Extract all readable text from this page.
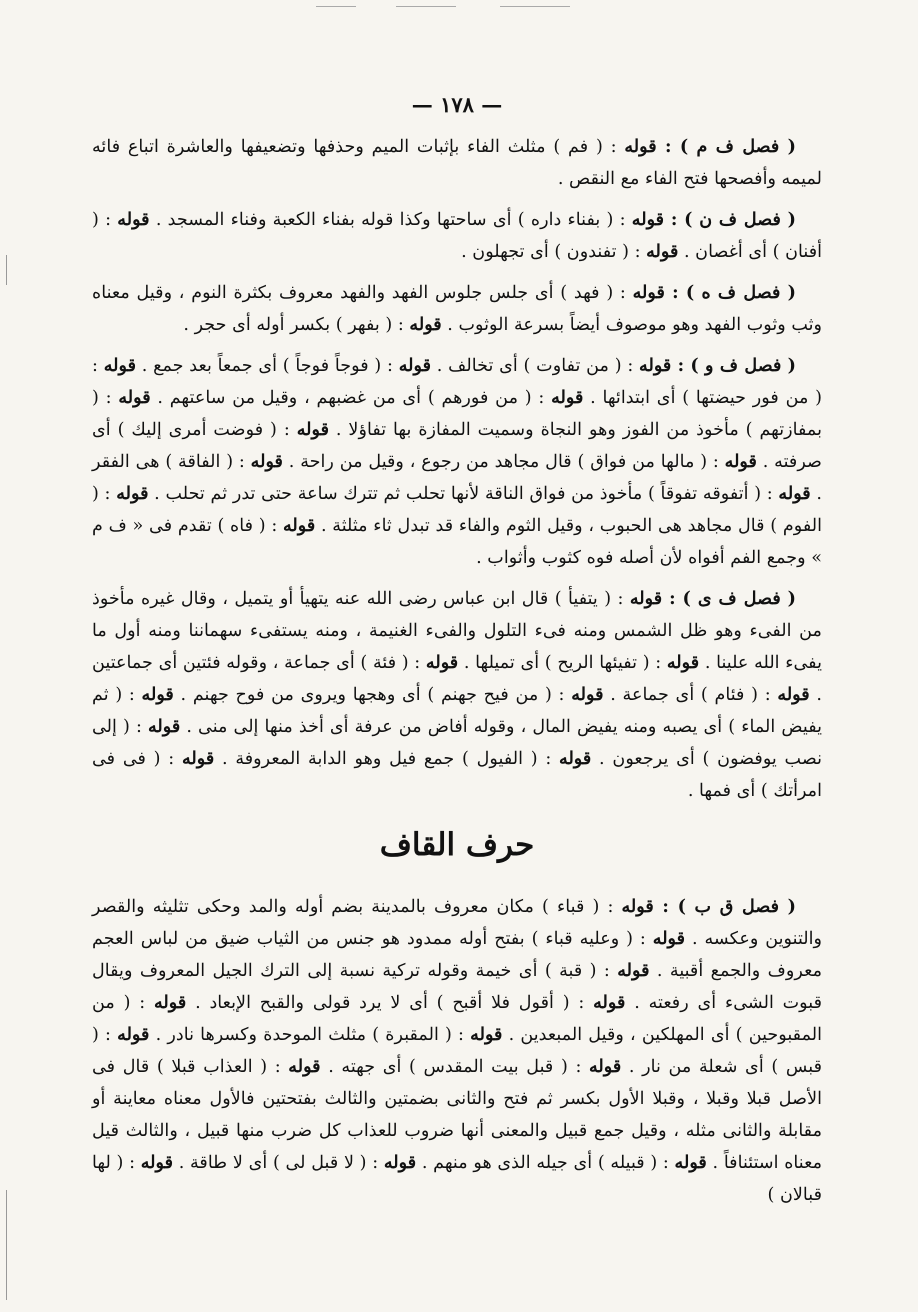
— ١٧٨ —

( فصل ف م ) : قوله : ( فم ) مثلث الفاء بإثبات الميم وحذفها وتضعيفها والعاشرة اتباع فائه لميمه وأفصحها فتح الفاء مع النقص .

( فصل ف ن ) : قوله : ( بفناء داره ) أى ساحتها وكذا قوله بفناء الكعبة وفناء المسجد . قوله : ( أفنان ) أى أغصان . قوله : ( تفندون ) أى تجهلون .

( فصل ف ه ) : قوله : ( فهد ) أى جلس جلوس الفهد والفهد معروف بكثرة النوم ، وقيل معناه وثب وثوب الفهد وهو موصوف أيضاً بسرعة الوثوب . قوله : ( بفهر ) بكسر أوله أى حجر .

( فصل ف و ) : قوله : ( من تفاوت ) أى تخالف . قوله : ( فوجاً فوجاً ) أى جمعاً بعد جمع . قوله : ( من فور حيضتها ) أى ابتدائها . قوله : ( من فورهم ) أى من غضبهم ، وقيل من ساعتهم . قوله : ( بمفازتهم ) مأخوذ من الفوز وهو النجاة وسميت المفازة بها تفاؤلا . قوله : ( فوضت أمرى إليك ) أى صرفته . قوله : ( مالها من فواق ) قال مجاهد من رجوع ، وقيل من راحة . قوله : ( الفاقة ) هى الفقر . قوله : ( أتفوقه تفوقاً ) مأخوذ من فواق الناقة لأنها تحلب ثم تترك ساعة حتى تدر ثم تحلب . قوله : ( الفوم ) قال مجاهد هى الحبوب ، وقيل الثوم والفاء قد تبدل ثاء مثلثة . قوله : ( فاه ) تقدم فى « ف م » وجمع الفم أفواه لأن أصله فوه كثوب وأثواب .

( فصل ف ى ) : قوله : ( يتفيأ ) قال ابن عباس رضى الله عنه يتهيأ أو يتميل ، وقال غيره مأخوذ من الفىء وهو ظل الشمس ومنه فىء التلول والفىء الغنيمة ، ومنه يستفىء سهماننا ومنه أول ما يفىء الله علينا . قوله : ( تفيئها الريح ) أى تميلها . قوله : ( فئة ) أى جماعة ، وقوله فئتين أى جماعتين . قوله : ( فئام ) أى جماعة . قوله : ( من فيح جهنم ) أى وهجها ويروى من فوح جهنم . قوله : ( ثم يفيض الماء ) أى يصبه ومنه يفيض المال ، وقوله أفاض من عرفة أى أخذ منها إلى منى . قوله : ( إلى نصب يوفضون ) أى يرجعون . قوله : ( الفيول ) جمع فيل وهو الدابة المعروفة . قوله : ( فى فى امرأتك ) أى فمها .

حرف القاف

( فصل ق ب ) : قوله : ( قباء ) مكان معروف بالمدينة بضم أوله والمد وحكى تثليثه والقصر والتنوين وعكسه . قوله : ( وعليه قباء ) بفتح أوله ممدود هو جنس من الثياب ضيق من لباس العجم معروف والجمع أقبية . قوله : ( قبة ) أى خيمة وقوله تركية نسبة إلى الترك الجيل المعروف ويقال قبوت الشىء أى رفعته . قوله : ( أقول فلا أقبح ) أى لا يرد قولى والقبح الإبعاد . قوله : ( من المقبوحين ) أى المهلكين ، وقيل المبعدين . قوله : ( المقبرة ) مثلث الموحدة وكسرها نادر . قوله : ( قبس ) أى شعلة من نار . قوله : ( قبل بيت المقدس ) أى جهته . قوله : ( العذاب قبلا ) قال فى الأصل قبلا وقبلا ، وقبلا الأول بكسر ثم فتح والثانى بضمتين والثالث بفتحتين فالأول معناه معاينة أو مقابلة والثانى مثله ، وقيل جمع قبيل والمعنى أنها ضروب للعذاب كل ضرب منها قبيل ، والثالث قيل معناه استئنافاً . قوله : ( قبيله ) أى جيله الذى هو منهم . قوله : ( لا قبل لى ) أى لا طاقة . قوله : ( لها قبالان )
